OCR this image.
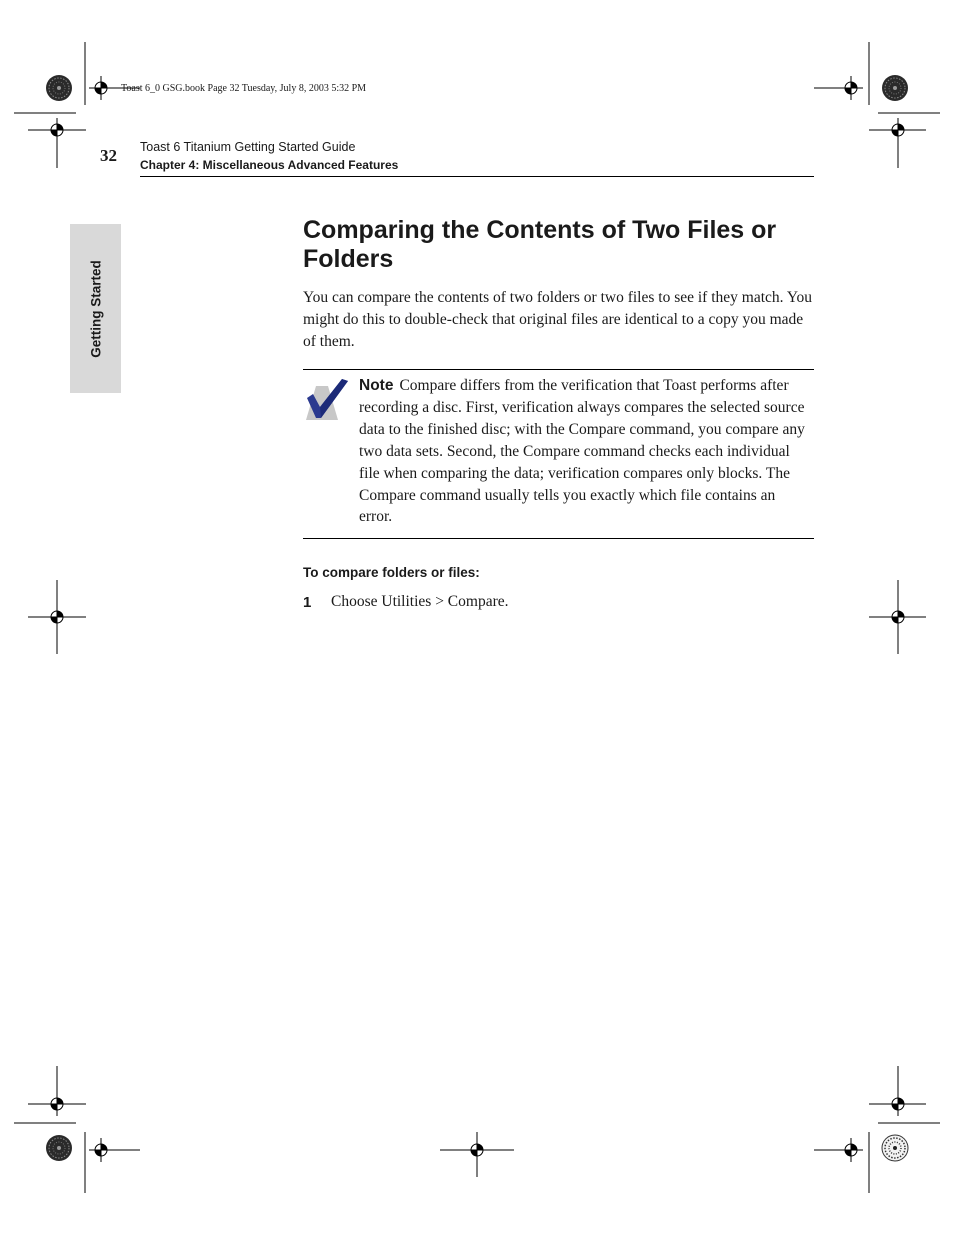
Toast 6_0 GSG.book Page 32 Tuesday, July 8, 2003 5:32 PM
32 Toast 6 Titanium Getting Started Guide
Chapter 4: Miscellaneous Advanced Features
Getting Started
Comparing the Contents of Two Files or Folders

You can compare the contents of two folders or two files to see if they match. You might do this to double-check that original files are identical to a copy you made of them.

Note Compare differs from the verification that Toast performs after recording a disc. First, verification always compares the selected source data to the finished disc; with the Compare command, you compare any two data sets. Second, the Compare command checks each individual file when comparing the data; verification compares only blocks. The Compare command usually tells you exactly which file contains an error.

To compare folders or files:
1 Choose Utilities > Compare.
